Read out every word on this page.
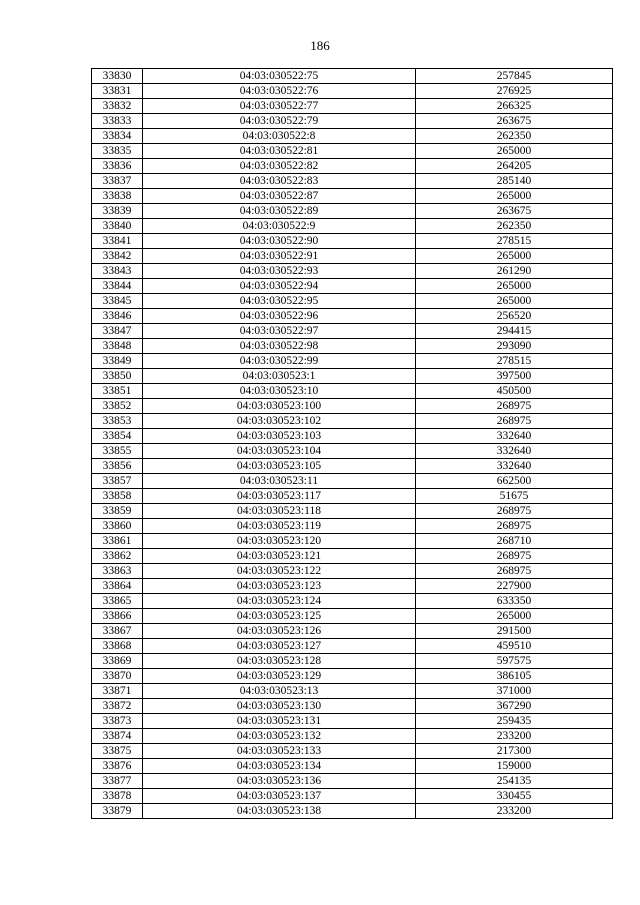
186
33830	04:03:030522:75	257845
33831	04:03:030522:76	276925
33832	04:03:030522:77	266325
33833	04:03:030522:79	263675
33834	04:03:030522:8	262350
33835	04:03:030522:81	265000
33836	04:03:030522:82	264205
33837	04:03:030522:83	285140
33838	04:03:030522:87	265000
33839	04:03:030522:89	263675
33840	04:03:030522:9	262350
33841	04:03:030522:90	278515
33842	04:03:030522:91	265000
33843	04:03:030522:93	261290
33844	04:03:030522:94	265000
33845	04:03:030522:95	265000
33846	04:03:030522:96	256520
33847	04:03:030522:97	294415
33848	04:03:030522:98	293090
33849	04:03:030522:99	278515
33850	04:03:030523:1	397500
33851	04:03:030523:10	450500
33852	04:03:030523:100	268975
33853	04:03:030523:102	268975
33854	04:03:030523:103	332640
33855	04:03:030523:104	332640
33856	04:03:030523:105	332640
33857	04:03:030523:11	662500
33858	04:03:030523:117	51675
33859	04:03:030523:118	268975
33860	04:03:030523:119	268975
33861	04:03:030523:120	268710
33862	04:03:030523:121	268975
33863	04:03:030523:122	268975
33864	04:03:030523:123	227900
33865	04:03:030523:124	633350
33866	04:03:030523:125	265000
33867	04:03:030523:126	291500
33868	04:03:030523:127	459510
33869	04:03:030523:128	597575
33870	04:03:030523:129	386105
33871	04:03:030523:13	371000
33872	04:03:030523:130	367290
33873	04:03:030523:131	259435
33874	04:03:030523:132	233200
33875	04:03:030523:133	217300
33876	04:03:030523:134	159000
33877	04:03:030523:136	254135
33878	04:03:030523:137	330455
33879	04:03:030523:138	233200
